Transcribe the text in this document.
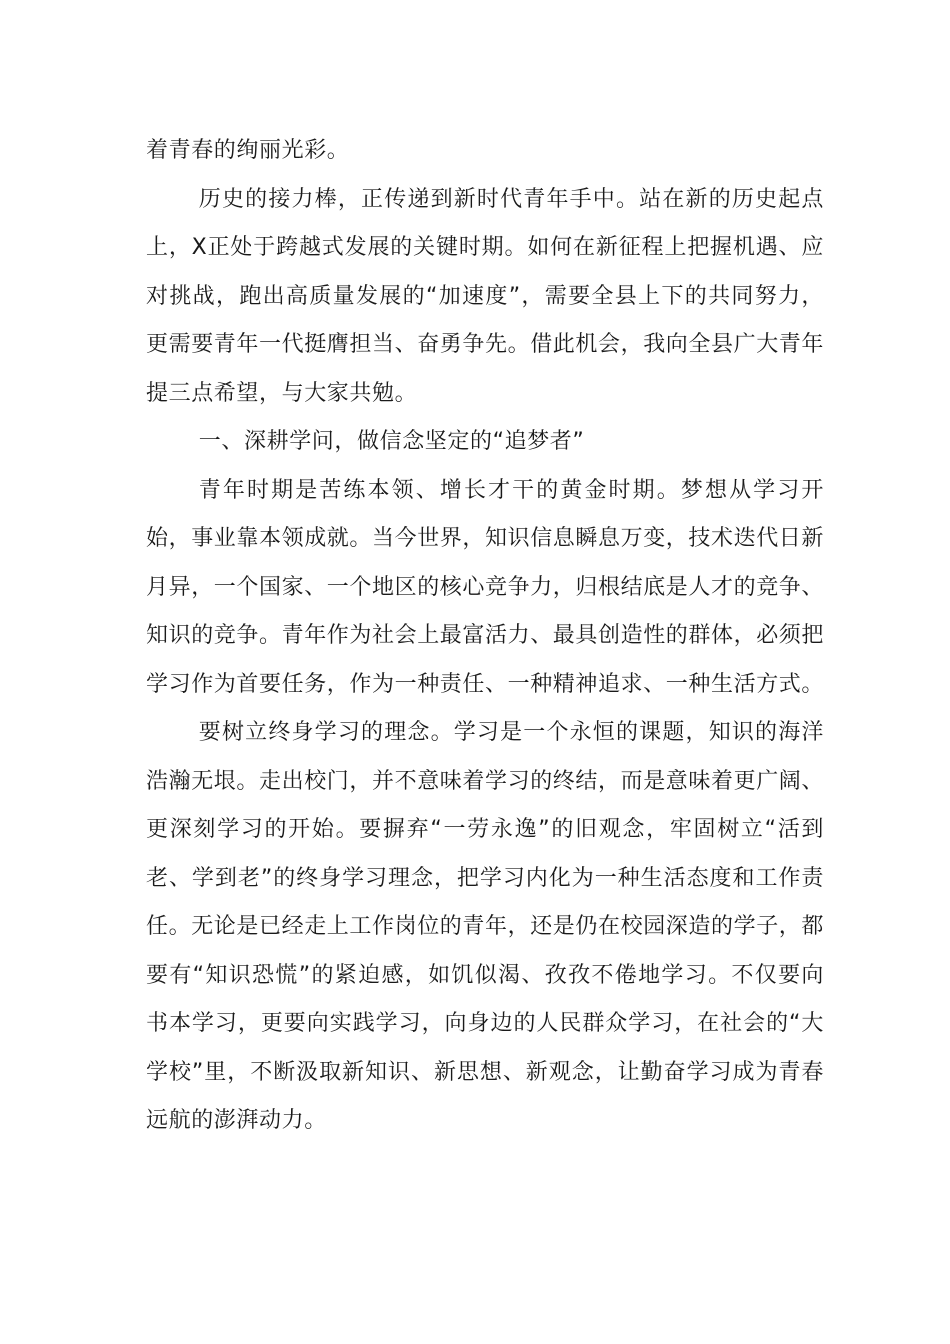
着青春的绚丽光彩。

历史的接力棒，正传递到新时代青年手中。站在新的历史起点上，X正处于跨越式发展的关键时期。如何在新征程上把握机遇、应对挑战，跑出高质量发展的“加速度”，需要全县上下的共同努力，更需要青年一代挺膺担当、奋勇争先。借此机会，我向全县广大青年提三点希望，与大家共勉。

一、深耕学问，做信念坚定的“追梦者”

青年时期是苦练本领、增长才干的黄金时期。梦想从学习开始，事业靠本领成就。当今世界，知识信息瞬息万变，技术迭代日新月异，一个国家、一个地区的核心竞争力，归根结底是人才的竞争、知识的竞争。青年作为社会上最富活力、最具创造性的群体，必须把学习作为首要任务，作为一种责任、一种精神追求、一种生活方式。

要树立终身学习的理念。学习是一个永恒的课题，知识的海洋浩瀚无垠。走出校门，并不意味着学习的终结，而是意味着更广阔、更深刻学习的开始。要摒弃“一劳永逸”的旧观念，牢固树立“活到老、学到老”的终身学习理念，把学习内化为一种生活态度和工作责任。无论是已经走上工作岗位的青年，还是仍在校园深造的学子，都要有“知识恐慌”的紧迫感，如饥似渴、孜孜不倦地学习。不仅要向书本学习，更要向实践学习，向身边的人民群众学习，在社会的“大学校”里，不断汲取新知识、新思想、新观念，让勤奋学习成为青春远航的澎湃动力。
